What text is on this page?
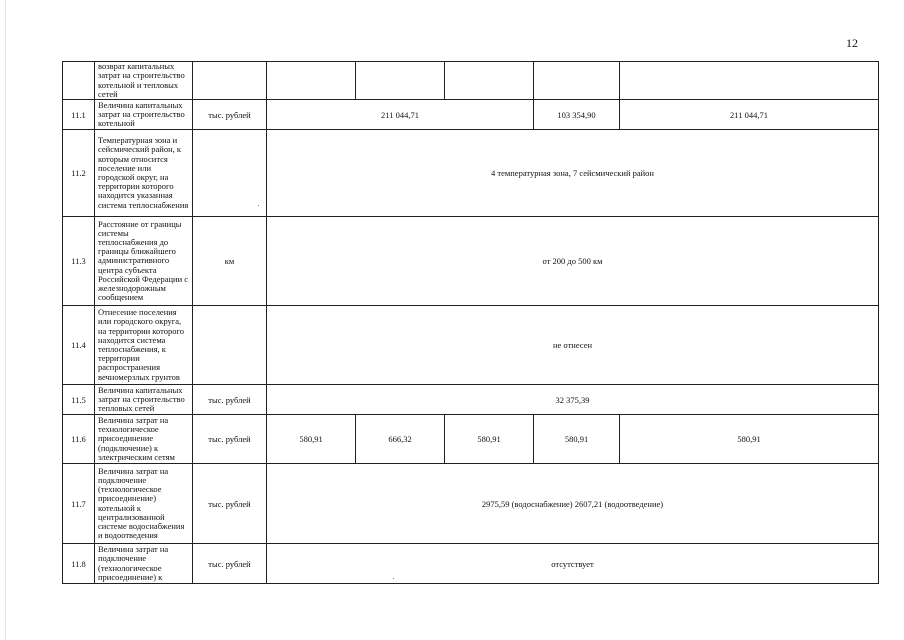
12
	возврат капитальных затрат на строительство котельной и тепловых сетей						
11.1	Величина капитальных затрат на строительство котельной	тыс. рублей	211 044,71			103 354,90	211 044,71
11.2	Температурная зона и сейсмический район, к которым относится поселение или городской округ, на территории которого находится указанная система теплоснабжения		4 температурная зона, 7 сейсмический район				
11.3	Расстояние от границы системы теплоснабжения до границы ближайшего административного центра субъекта Российской Федерации с железнодорожным сообщением	км	от 200 до 500 км				
11.4	Отнесение поселения или городского округа, на территории которого находится система теплоснабжения, к территории распространения вечномерзлых грунтов		не отнесен				
11.5	Величина капитальных затрат на строительство тепловых сетей	тыс. рублей	32 375,39				
11.6	Величина затрат на технологическое присоединение (подключение) к электрическим сетям	тыс. рублей	580,91	666,32	580,91	580,91	580,91
11.7	Величина затрат на подключение (технологическое присоединение) котельной к централизованной системе водоснабжения и водоотведения	тыс. рублей	2975,59 (водоснабжение) 2607,21 (водоотведение)				
11.8	Величина затрат на подключение (технологическое присоединение) к	тыс. рублей	отсутствует				
